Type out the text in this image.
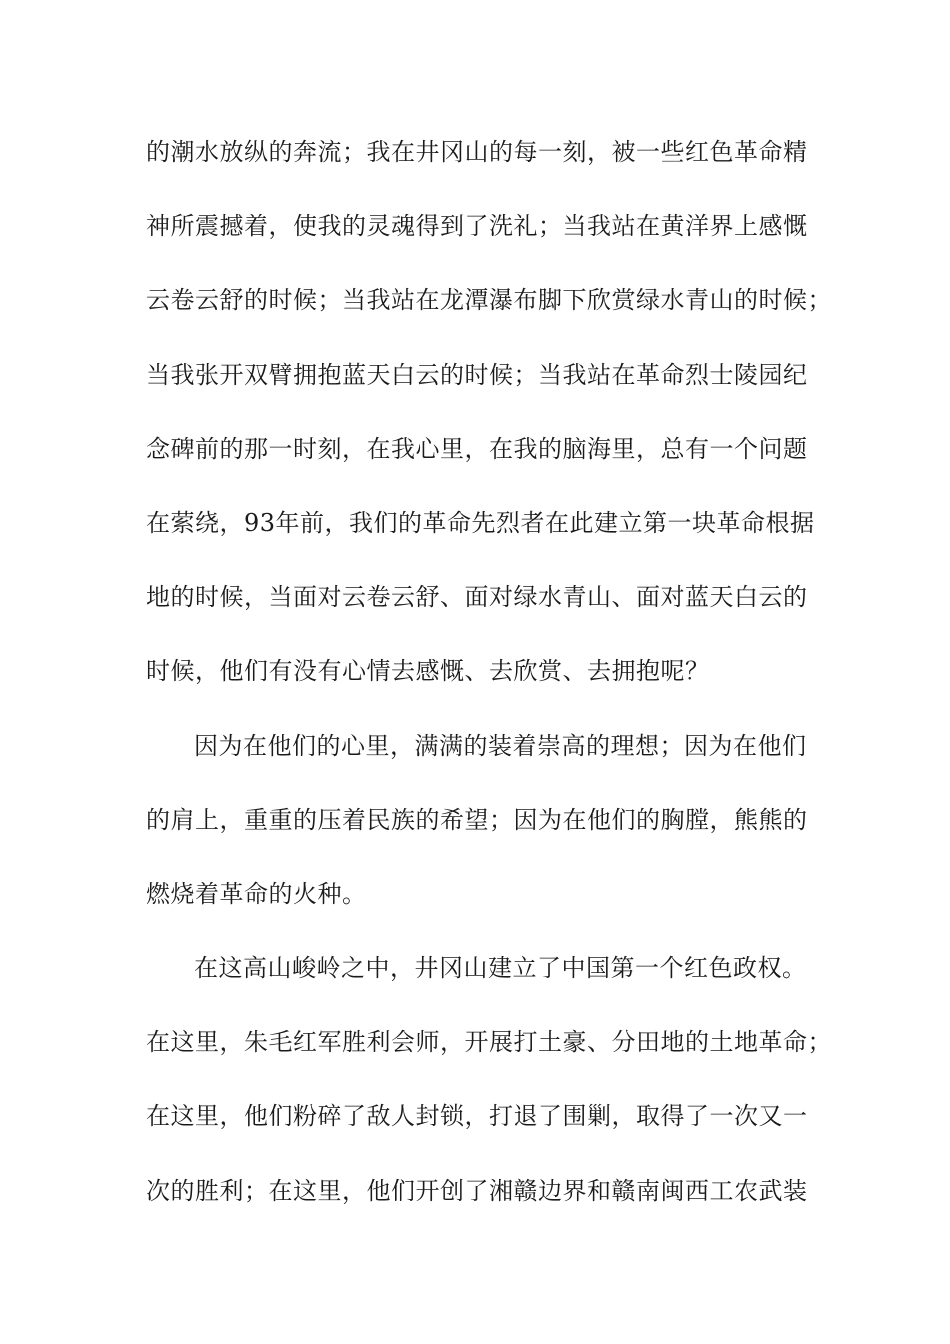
的潮水放纵的奔流；我在井冈山的每一刻，被一些红色革命精
神所震撼着，使我的灵魂得到了洗礼；当我站在黄洋界上感慨
云卷云舒的时候；当我站在龙潭瀑布脚下欣赏绿水青山的时候；
当我张开双臂拥抱蓝天白云的时候；当我站在革命烈士陵园纪
念碑前的那一时刻，在我心里，在我的脑海里，总有一个问题
在萦绕，93年前，我们的革命先烈者在此建立第一块革命根据
地的时候，当面对云卷云舒、面对绿水青山、面对蓝天白云的
时候，他们有没有心情去感慨、去欣赏、去拥抱呢？
因为在他们的心里，满满的装着崇高的理想；因为在他们
的肩上，重重的压着民族的希望；因为在他们的胸膛，熊熊的
燃烧着革命的火种。
在这高山峻岭之中，井冈山建立了中国第一个红色政权。
在这里，朱毛红军胜利会师，开展打土豪、分田地的土地革命；
在这里，他们粉碎了敌人封锁，打退了围剿，取得了一次又一
次的胜利；在这里，他们开创了湘赣边界和赣南闽西工农武装
